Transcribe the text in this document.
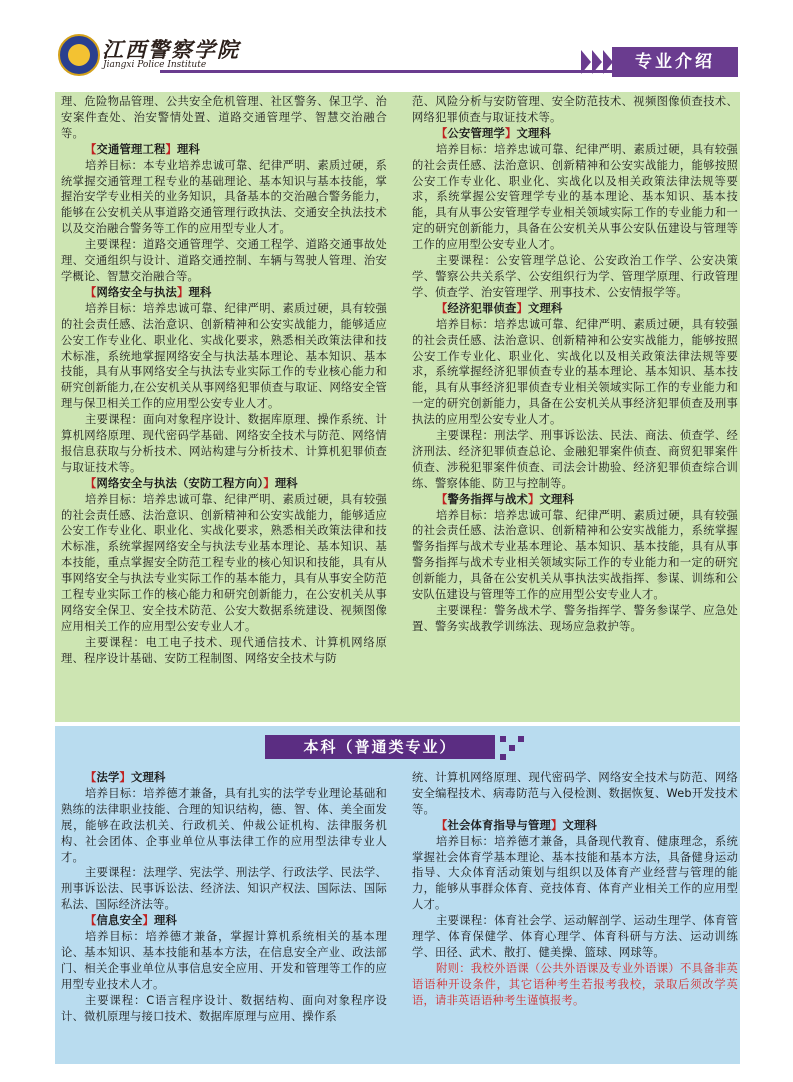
江西警察学院
Jiangxi Police Institute	专业介绍

理、危险物品管理、公共安全危机管理、社区警务、保卫学、治安案件查处、治安警情处置、道路交通管理学、智慧交治融合等。

【交通管理工程】理科

培养目标：本专业培养忠诚可靠、纪律严明、素质过硬，系统掌握交通管理工程专业的基础理论、基本知识与基本技能，掌握治安学专业相关的业务知识，具备基本的交治融合警务能力，能够在公安机关从事道路交通管理行政执法、交通安全执法技术以及交治融合警务等工作的应用型专业人才。

主要课程：道路交通管理学、交通工程学、道路交通事故处理、交通组织与设计、道路交通控制、车辆与驾驶人管理、治安学概论、智慧交治融合等。

【网络安全与执法】理科

培养目标：培养忠诚可靠、纪律严明、素质过硬，具有较强的社会责任感、法治意识、创新精神和公安实战能力，能够适应公安工作专业化、职业化、实战化要求，熟悉相关政策法律和技术标准，系统地掌握网络安全与执法基本理论、基本知识、基本技能，具有从事网络安全与执法专业实际工作的专业核心能力和研究创新能力,在公安机关从事网络犯罪侦查与取证、网络安全管理与保卫相关工作的应用型公安专业人才。

主要课程：面向对象程序设计、数据库原理、操作系统、计算机网络原理、现代密码学基础、网络安全技术与防范、网络情报信息获取与分析技术、网站构建与分析技术、计算机犯罪侦查与取证技术等。

【网络安全与执法（安防工程方向）】理科

培养目标：培养忠诚可靠、纪律严明、素质过硬，具有较强的社会责任感、法治意识、创新精神和公安实战能力，能够适应公安工作专业化、职业化、实战化要求，熟悉相关政策法律和技术标准，系统掌握网络安全与执法专业基本理论、基本知识、基本技能，重点掌握安全防范工程专业的核心知识和技能，具有从事网络安全与执法专业实际工作的基本能力，具有从事安全防范工程专业实际工作的核心能力和研究创新能力，在公安机关从事网络安全保卫、安全技术防范、公安大数据系统建设、视频图像应用相关工作的应用型公安专业人才。

主要课程：电工电子技术、现代通信技术、计算机网络原理、程序设计基础、安防工程制图、网络安全技术与防

范、风险分析与安防管理、安全防范技术、视频图像侦查技术、网络犯罪侦查与取证技术等。

【公安管理学】文理科

培养目标：培养忠诚可靠、纪律严明、素质过硬，具有较强的社会责任感、法治意识、创新精神和公安实战能力，能够按照公安工作专业化、职业化、实战化以及相关政策法律法规等要求，系统掌握公安管理学专业的基本理论、基本知识、基本技能，具有从事公安管理学专业相关领域实际工作的专业能力和一定的研究创新能力，具备在公安机关从事公安队伍建设与管理等工作的应用型公安专业人才。

主要课程：公安管理学总论、公安政治工作学、公安决策学、警察公共关系学、公安组织行为学、管理学原理、行政管理学、侦查学、治安管理学、刑事技术、公安情报学等。

【经济犯罪侦查】文理科

培养目标：培养忠诚可靠、纪律严明、素质过硬，具有较强的社会责任感、法治意识、创新精神和公安实战能力，能够按照公安工作专业化、职业化、实战化以及相关政策法律法规等要求，系统掌握经济犯罪侦查专业的基本理论、基本知识、基本技能，具有从事经济犯罪侦查专业相关领域实际工作的专业能力和一定的研究创新能力，具备在公安机关从事经济犯罪侦查及刑事执法的应用型公安专业人才。

主要课程：刑法学、刑事诉讼法、民法、商法、侦查学、经济刑法、经济犯罪侦查总论、金融犯罪案件侦查、商贸犯罪案件侦查、涉税犯罪案件侦查、司法会计勘验、经济犯罪侦查综合训练、警察体能、防卫与控制等。

【警务指挥与战术】文理科

培养目标：培养忠诚可靠、纪律严明、素质过硬，具有较强的社会责任感、法治意识、创新精神和公安实战能力，系统掌握警务指挥与战术专业基本理论、基本知识、基本技能，具有从事警务指挥与战术专业相关领域实际工作的专业能力和一定的研究创新能力，具备在公安机关从事执法实战指挥、参谋、训练和公安队伍建设与管理等工作的应用型公安专业人才。

主要课程：警务战术学、警务指挥学、警务参谋学、应急处置、警务实战教学训练法、现场应急救护等。

本科（普通类专业）
【法学】文理科

培养目标：培养德才兼备，具有扎实的法学专业理论基础和熟练的法律职业技能、合理的知识结构，德、智、体、美全面发展，能够在政法机关、行政机关、仲裁公证机构、法律服务机构、社会团体、企事业单位从事法律工作的应用型法律专业人才。

主要课程：法理学、宪法学、刑法学、行政法学、民法学、刑事诉讼法、民事诉讼法、经济法、知识产权法、国际法、国际私法、国际经济法等。

【信息安全】理科

培养目标：培养德才兼备，掌握计算机系统相关的基本理论、基本知识、基本技能和基本方法，在信息安全产业、政法部门、相关企事业单位从事信息安全应用、开发和管理等工作的应用型专业技术人才。

主要课程：C语言程序设计、数据结构、面向对象程序设计、微机原理与接口技术、数据库原理与应用、操作系

统、计算机网络原理、现代密码学、网络安全技术与防范、网络安全编程技术、病毒防范与入侵检测、数据恢复、Web开发技术等。

【社会体育指导与管理】文理科

培养目标：培养德才兼备，具备现代教育、健康理念，系统掌握社会体育学基本理论、基本技能和基本方法，具备健身运动指导、大众体育活动策划与组织以及体育产业经营与管理的能力，能够从事群众体育、竞技体育、体育产业相关工作的应用型人才。

主要课程：体育社会学、运动解剖学、运动生理学、体育管理学、体育保健学、体育心理学、体育科研与方法、运动训练学、田径、武术、散打、健美操、篮球、网球等。

附则：我校外语课（公共外语课及专业外语课）不具备非英语语种开设条件，其它语种考生若报考我校，录取后须改学英语，请非英语语种考生谨慎报考。
